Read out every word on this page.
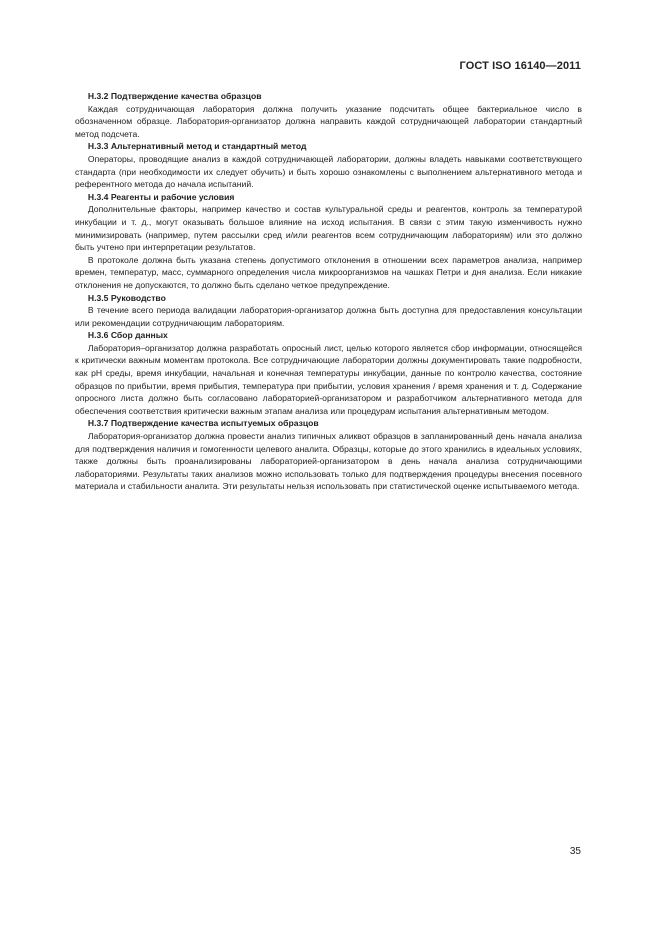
ГОСТ ISO 16140—2011

H.3.2 Подтверждение качества образцов

Каждая сотрудничающая лаборатория должна получить указание подсчитать общее бактериальное число в обозначенном образце. Лаборатория-организатор должна направить каждой сотрудничающей лаборатории стандартный метод подсчета.

H.3.3 Альтернативный метод и стандартный метод

Операторы, проводящие анализ в каждой сотрудничающей лаборатории, должны владеть навыками соответствующего стандарта (при необходимости их следует обучить) и быть хорошо ознакомлены с выполнением альтернативного метода и референтного метода до начала испытаний.

H.3.4 Реагенты и рабочие условия

Дополнительные факторы, например качество и состав культуральной среды и реагентов, контроль за температурой инкубации и т. д., могут оказывать большое влияние на исход испытания. В связи с этим такую изменчивость нужно минимизировать (например, путем рассылки сред и/или реагентов всем сотрудничающим лабораториям) или это должно быть учтено при интерпретации результатов.

В протоколе должна быть указана степень допустимого отклонения в отношении всех параметров анализа, например времен, температур, масс, суммарного определения числа микроорганизмов на чашках Петри и дня анализа. Если никакие отклонения не допускаются, то должно быть сделано четкое предупреждение.

H.3.5 Руководство

В течение всего периода валидации лаборатория-организатор должна быть доступна для предоставления консультации или рекомендации сотрудничающим лабораториям.

H.3.6 Сбор данных

Лаборатория–организатор должна разработать опросный лист, целью которого является сбор информации, относящейся к критически важным моментам протокола. Все сотрудничающие лаборатории должны документировать такие подробности, как pH среды, время инкубации, начальная и конечная температуры инкубации, данные по контролю качества, состояние образцов по прибытии, время прибытия, температура при прибытии, условия хранения / время хранения и т. д. Содержание опросного листа должно быть согласовано лабораторией-организатором и разработчиком альтернативного метода для обеспечения соответствия критически важным этапам анализа или процедурам испытания альтернативным методом.

H.3.7 Подтверждение качества испытуемых образцов

Лаборатория-организатор должна провести анализ типичных аликвот образцов в запланированный день начала анализа для подтверждения наличия и гомогенности целевого аналита. Образцы, которые до этого хранились в идеальных условиях, также должны быть проанализированы лабораторией-организатором в день начала анализа сотрудничающими лабораториями. Результаты таких анализов можно использовать только для подтверждения процедуры внесения посевного материала и стабильности аналита. Эти результаты нельзя использовать при статистической оценке испытываемого метода.

35
